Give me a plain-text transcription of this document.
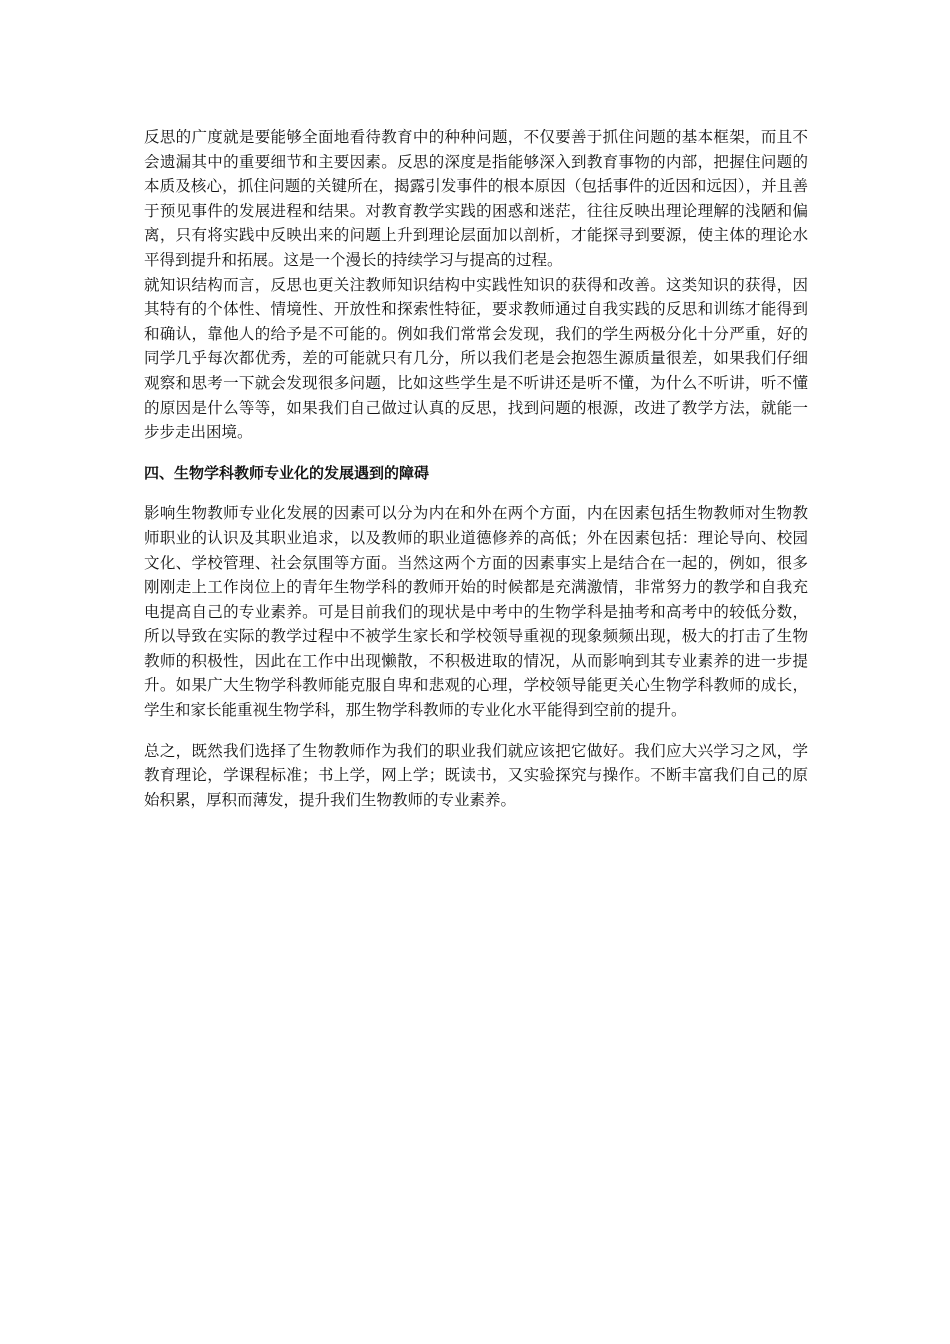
反思的广度就是要能够全面地看待教育中的种种问题，不仅要善于抓住问题的基本框架，而且不会遗漏其中的重要细节和主要因素。反思的深度是指能够深入到教育事物的内部，把握住问题的本质及核心，抓住问题的关键所在，揭露引发事件的根本原因（包括事件的近因和远因），并且善于预见事件的发展进程和结果。对教育教学实践的困惑和迷茫，往往反映出理论理解的浅陋和偏离，只有将实践中反映出来的问题上升到理论层面加以剖析，才能探寻到要源，使主体的理论水平得到提升和拓展。这是一个漫长的持续学习与提高的过程。

就知识结构而言，反思也更关注教师知识结构中实践性知识的获得和改善。这类知识的获得，因其特有的个体性、情境性、开放性和探索性特征，要求教师通过自我实践的反思和训练才能得到和确认，靠他人的给予是不可能的。例如我们常常会发现，我们的学生两极分化十分严重，好的同学几乎每次都优秀，差的可能就只有几分，所以我们老是会抱怨生源质量很差，如果我们仔细观察和思考一下就会发现很多问题，比如这些学生是不听讲还是听不懂，为什么不听讲，听不懂的原因是什么等等，如果我们自己做过认真的反思，找到问题的根源，改进了教学方法，就能一步步走出困境。

四、生物学科教师专业化的发展遇到的障碍

影响生物教师专业化发展的因素可以分为内在和外在两个方面，内在因素包括生物教师对生物教师职业的认识及其职业追求，以及教师的职业道德修养的高低；外在因素包括：理论导向、校园文化、学校管理、社会氛围等方面。当然这两个方面的因素事实上是结合在一起的，例如，很多刚刚走上工作岗位上的青年生物学科的教师开始的时候都是充满激情，非常努力的教学和自我充电提高自己的专业素养。可是目前我们的现状是中考中的生物学科是抽考和高考中的较低分数，所以导致在实际的教学过程中不被学生家长和学校领导重视的现象频频出现，极大的打击了生物教师的积极性，因此在工作中出现懒散，不积极进取的情况，从而影响到其专业素养的进一步提升。如果广大生物学科教师能克服自卑和悲观的心理，学校领导能更关心生物学科教师的成长，学生和家长能重视生物学科，那生物学科教师的专业化水平能得到空前的提升。

总之，既然我们选择了生物教师作为我们的职业我们就应该把它做好。我们应大兴学习之风，学教育理论，学课程标准；书上学，网上学；既读书，又实验探究与操作。不断丰富我们自己的原始积累，厚积而薄发，提升我们生物教师的专业素养。
